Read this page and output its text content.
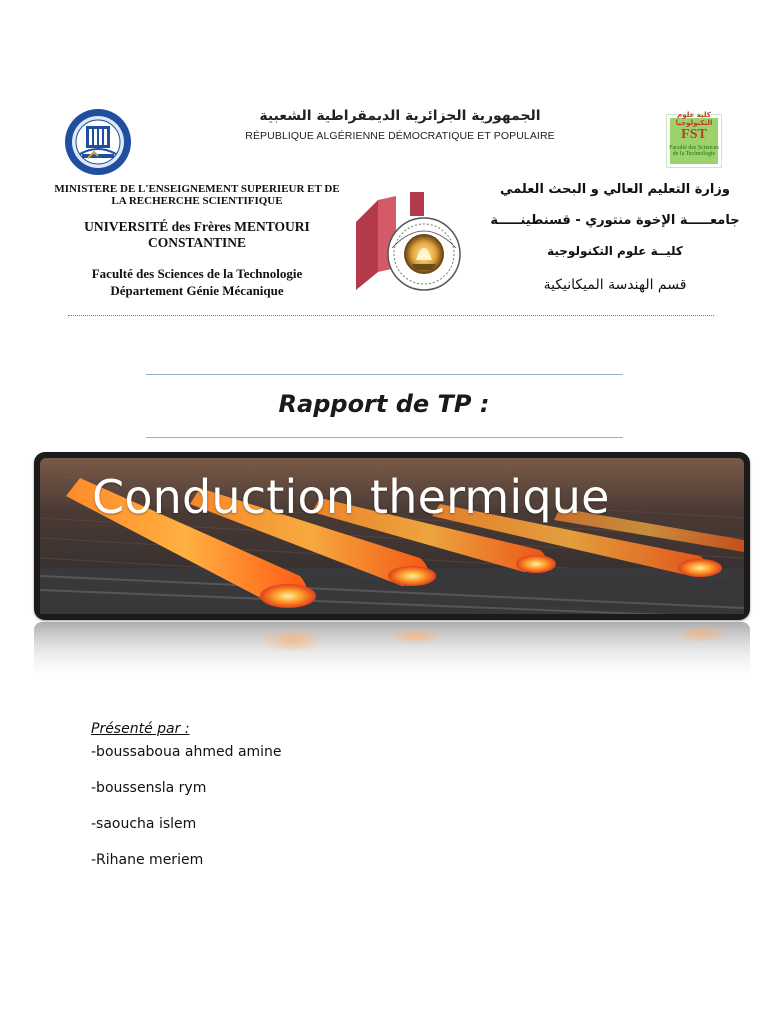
الجمهورية الجزائرية الديمقراطية الشعبية
RÉPUBLIQUE ALGÉRIENNE DÉMOCRATIQUE ET POPULAIRE
كلية علوم التكنولوجيا
FST
Faculté des Sciences de la Technologie
MINISTERE DE L'ENSEIGNEMENT SUPERIEUR ET DE LA RECHERCHE SCIENTIFIQUE
UNIVERSITÉ des Frères MENTOURI
CONSTANTINE
Faculté des Sciences de la Technologie
Département Génie Mécanique
وزارة التعليم العالي و البحث العلمي
جامعـــــة الإخوة منتوري - قسنطينـــــة
كليــة علوم التكنولوجية
قسم الهندسة الميكانيكية
Rapport de TP :
Conduction thermique
Présenté par :
-boussaboua ahmed amine
-boussensla rym
-saoucha islem
-Rihane meriem
